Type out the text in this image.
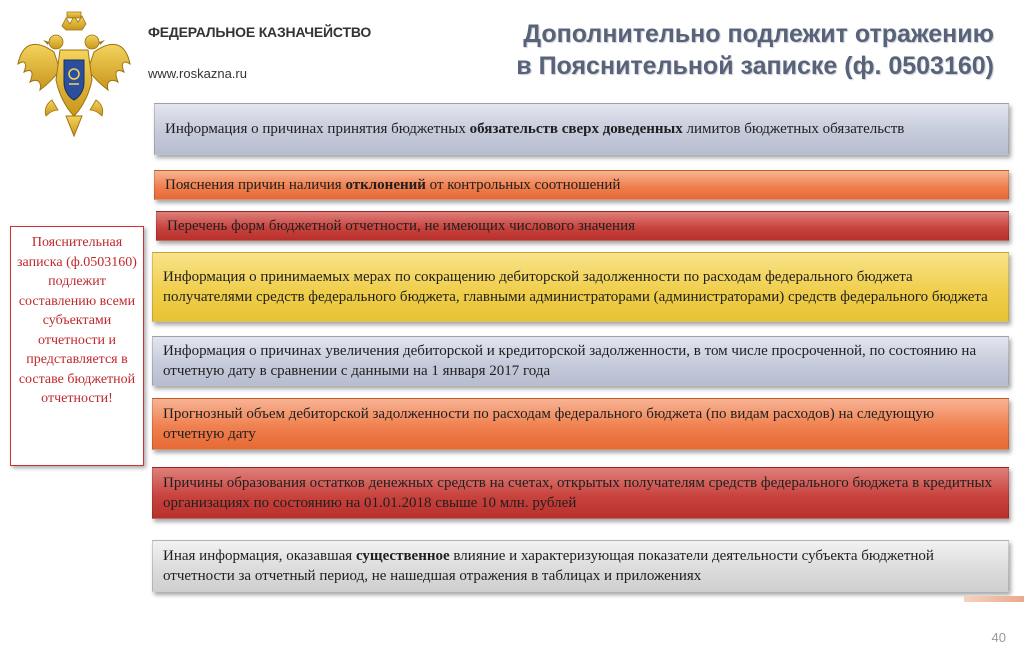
ФЕДЕРАЛЬНОЕ КАЗНАЧЕЙСТВО
www.roskazna.ru
Дополнительно подлежит отражению
в Пояснительной записке (ф. 0503160)
Пояснительная записка (ф.0503160) подлежит составлению всеми субъектами отчетности и представляется в составе бюджетной отчетности!
Информация о причинах принятия бюджетных обязательств сверх доведенных лимитов бюджетных обязательств
Пояснения причин наличия отклонений от контрольных соотношений
Перечень форм бюджетной отчетности, не имеющих числового значения
Информация о принимаемых мерах по сокращению дебиторской задолженности по расходам федерального бюджета получателями средств федерального бюджета, главными администраторами (администраторами) средств федерального бюджета
Информация о причинах увеличения дебиторской и кредиторской задолженности, в том числе просроченной, по состоянию на отчетную дату в сравнении с данными на 1 января 2017 года
Прогнозный объем дебиторской задолженности по расходам федерального бюджета (по видам расходов) на следующую отчетную дату
Причины образования остатков денежных средств на счетах, открытых получателям средств федерального бюджета в кредитных организациях по состоянию на 01.01.2018 свыше 10 млн. рублей
Иная информация, оказавшая существенное влияние и характеризующая показатели деятельности субъекта бюджетной отчетности за отчетный период, не нашедшая отражения в таблицах и приложениях
40
